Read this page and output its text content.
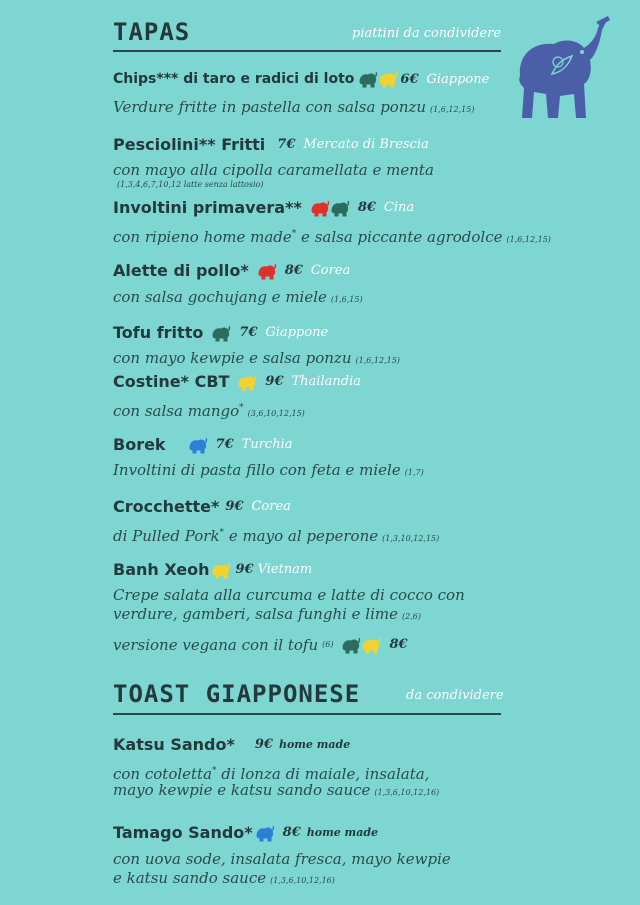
TAPAS	piattini da condividere
Chips*** di taro e radici di loto	6€ Giappone
Verdure fritte in pastella con salsa ponzu (1,6,12,15)
Pesciolini** Fritti 7€ Mercato di Brescia
con mayo alla cipolla caramellata e menta
(1,3,4,6,7,10,12 latte senza lattosio)
Involtini primavera**	8€ Cina
con ripieno home made* e salsa piccante agrodolce (1,6,12,15)
Alette di pollo*	8€ Corea
con salsa gochujang e miele (1,6,15)
Tofu fritto	7€ Giappone
con mayo kewpie e salsa ponzu (1,6,12,15)
Costine* CBT	9€ Thailandia
con salsa mango*(3,6,10,12,15)
Borek	7€ Turchia
Involtini di pasta fillo con feta e miele (1,7)
Crocchette* 9€ Corea
di Pulled Pork* e mayo al peperone (1,3,10,12,15)
Banh Xeoh 9€ Vietnam
Crepe salata alla curcuma e latte di cocco con
verdure, gamberi, salsa funghi e lime (2,6)
versione vegana con il tofu (6)	8€
TOAST GIAPPONESE	da condividere
Katsu Sando* 9€ home made
con cotoletta* di lonza di maiale, insalata,
mayo kewpie e katsu sando sauce (1,3,6,10,12,16)
Tamago Sando* 8€ home made
con uova sode, insalata fresca, mayo kewpie
e katsu sando sauce (1,3,6,10,12,16)
